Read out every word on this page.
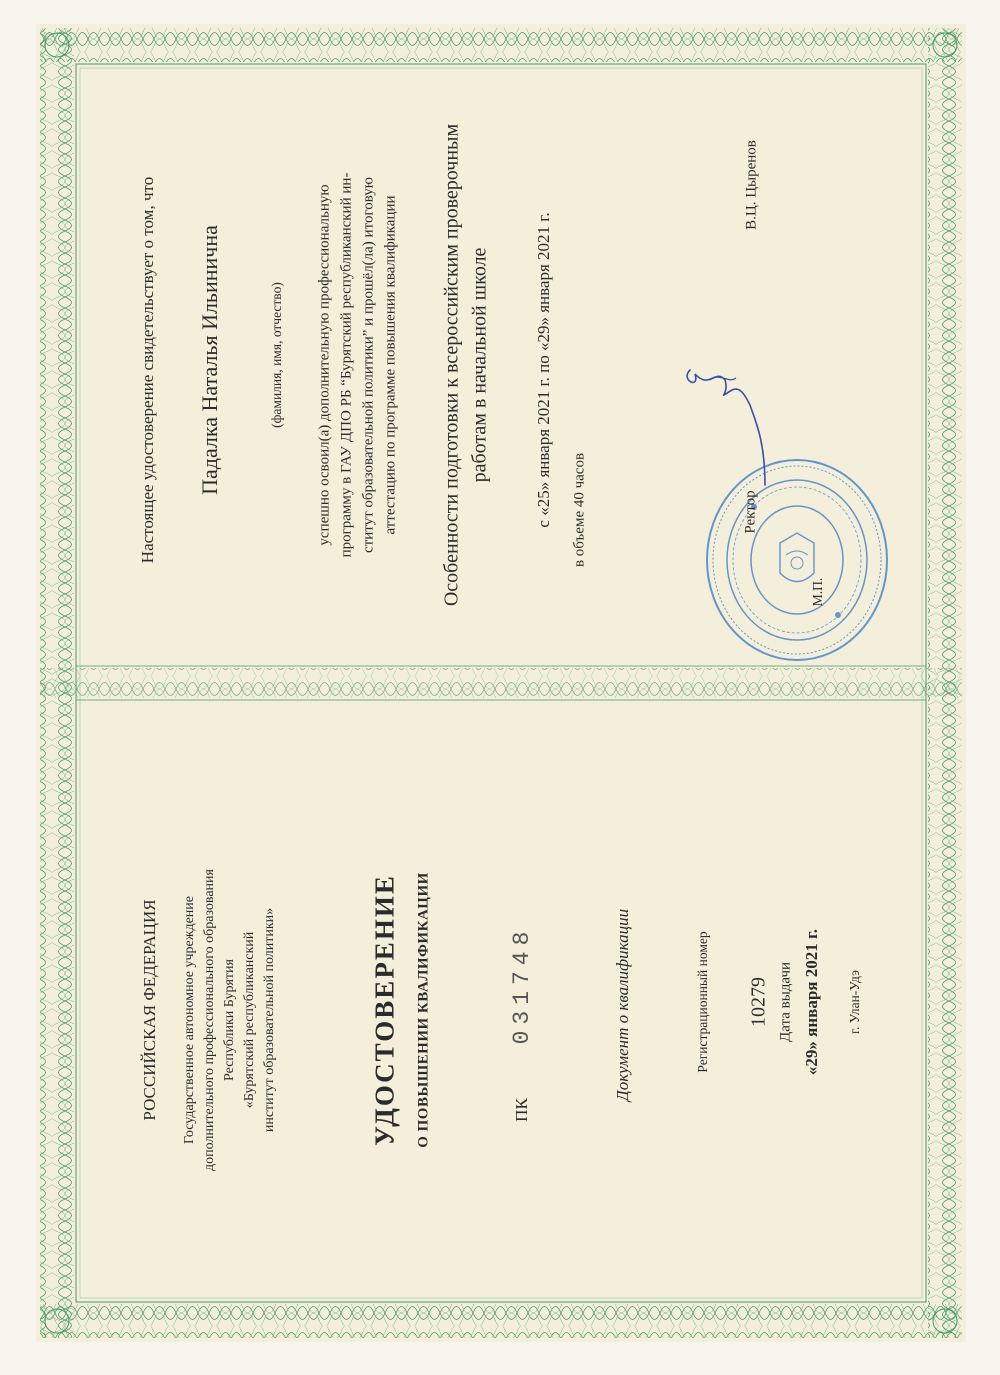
РОССИЙСКАЯ ФЕДЕРАЦИЯ Государственное автономное учреждение дополнительного профессионального образования Республики Бурятия «Бурятский республиканский институт образовательной политики»	УДОСТОВЕРЕНИЕ О ПОВЫШЕНИИ КВАЛИФИКАЦИИ	ПК
031748	Документ о квалификации	Регистрационный номер 10279 Дата выдачи «29» января 2021 г. г. Улан-Удэ
Настоящее удостоверение свидетельствует о том, что Падалка Наталья Ильинична	(фамилия, имя, отчество) успешно освоил(а) дополнительную профессиональную программу в ГАУ ДПО РБ “Бурятский республиканский ин- ститут образовательной политики” и прошёл(ла) итоговую аттестацию по программе повышения квалификации Особенности подготовки к всероссийским проверочным работам в начальной школе	с «25» января 2021 г. по «29» января 2021 г. в объеме 40 часов	Ректор
М.П.
В.Ц. Цыренов
